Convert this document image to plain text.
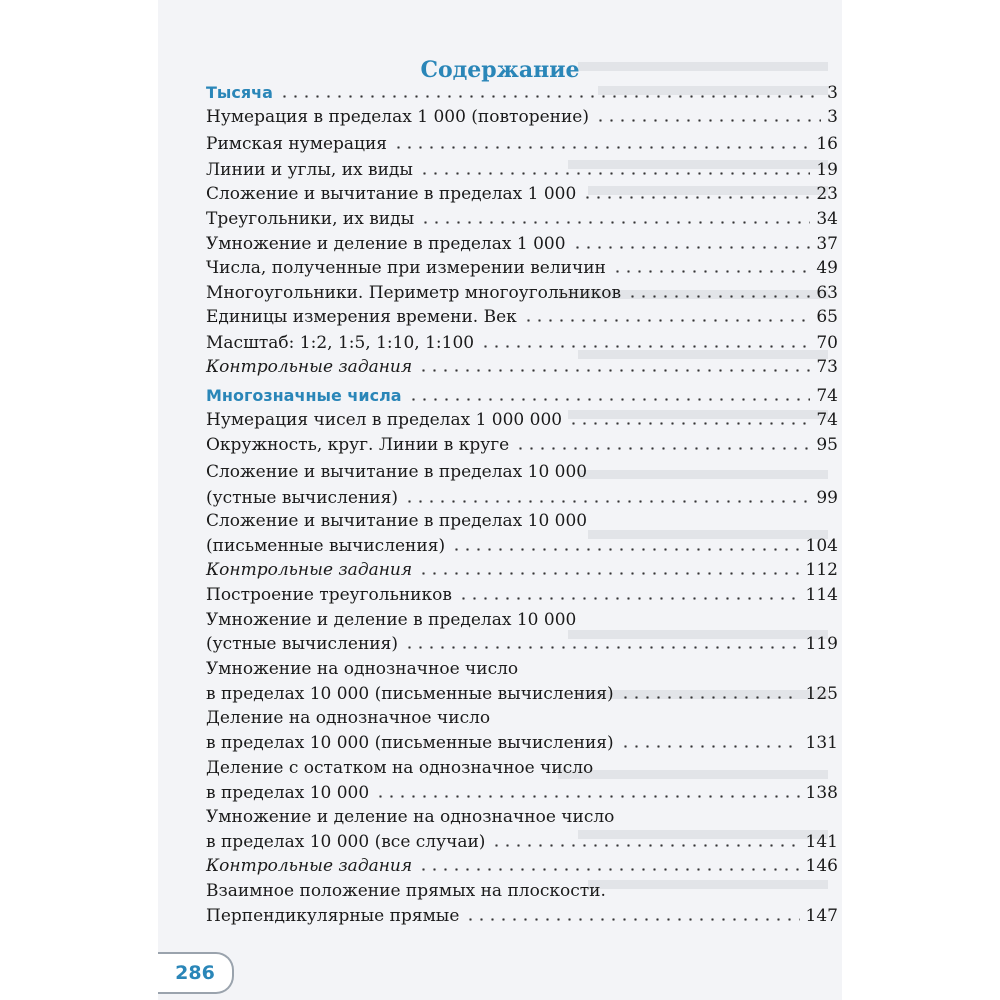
Содержание
Тысяча	3
Нумерация в пределах 1 000 (повторение)	3
Римская нумерация	16
Линии и углы, их виды	19
Сложение и вычитание в пределах 1 000	23
Треугольники, их виды	34
Умножение и деление в пределах 1 000	37
Числа, полученные при измерении величин	49
Многоугольники. Периметр многоугольников	63
Единицы измерения времени. Век	65
Масштаб: 1:2, 1:5, 1:10, 1:100	70
Контрольные задания	73
Многозначные числа	74
Нумерация чисел в пределах 1 000 000	74
Окружность, круг. Линии в круге	95
Сложение и вычитание в пределах 10 000
(устные вычисления)	99
Сложение и вычитание в пределах 10 000
(письменные вычисления)	104
Контрольные задания	112
Построение треугольников	114
Умножение и деление в пределах 10 000
(устные вычисления)	119
Умножение на однозначное число
в пределах 10 000 (письменные вычисления)	125
Деление на однозначное число
в пределах 10 000 (письменные вычисления)	131
Деление с остатком на однозначное число
в пределах 10 000	138
Умножение и деление на однозначное число
в пределах 10 000 (все случаи)	141
Контрольные задания	146
Взаимное положение прямых на плоскости.
Перпендикулярные прямые	147
286
